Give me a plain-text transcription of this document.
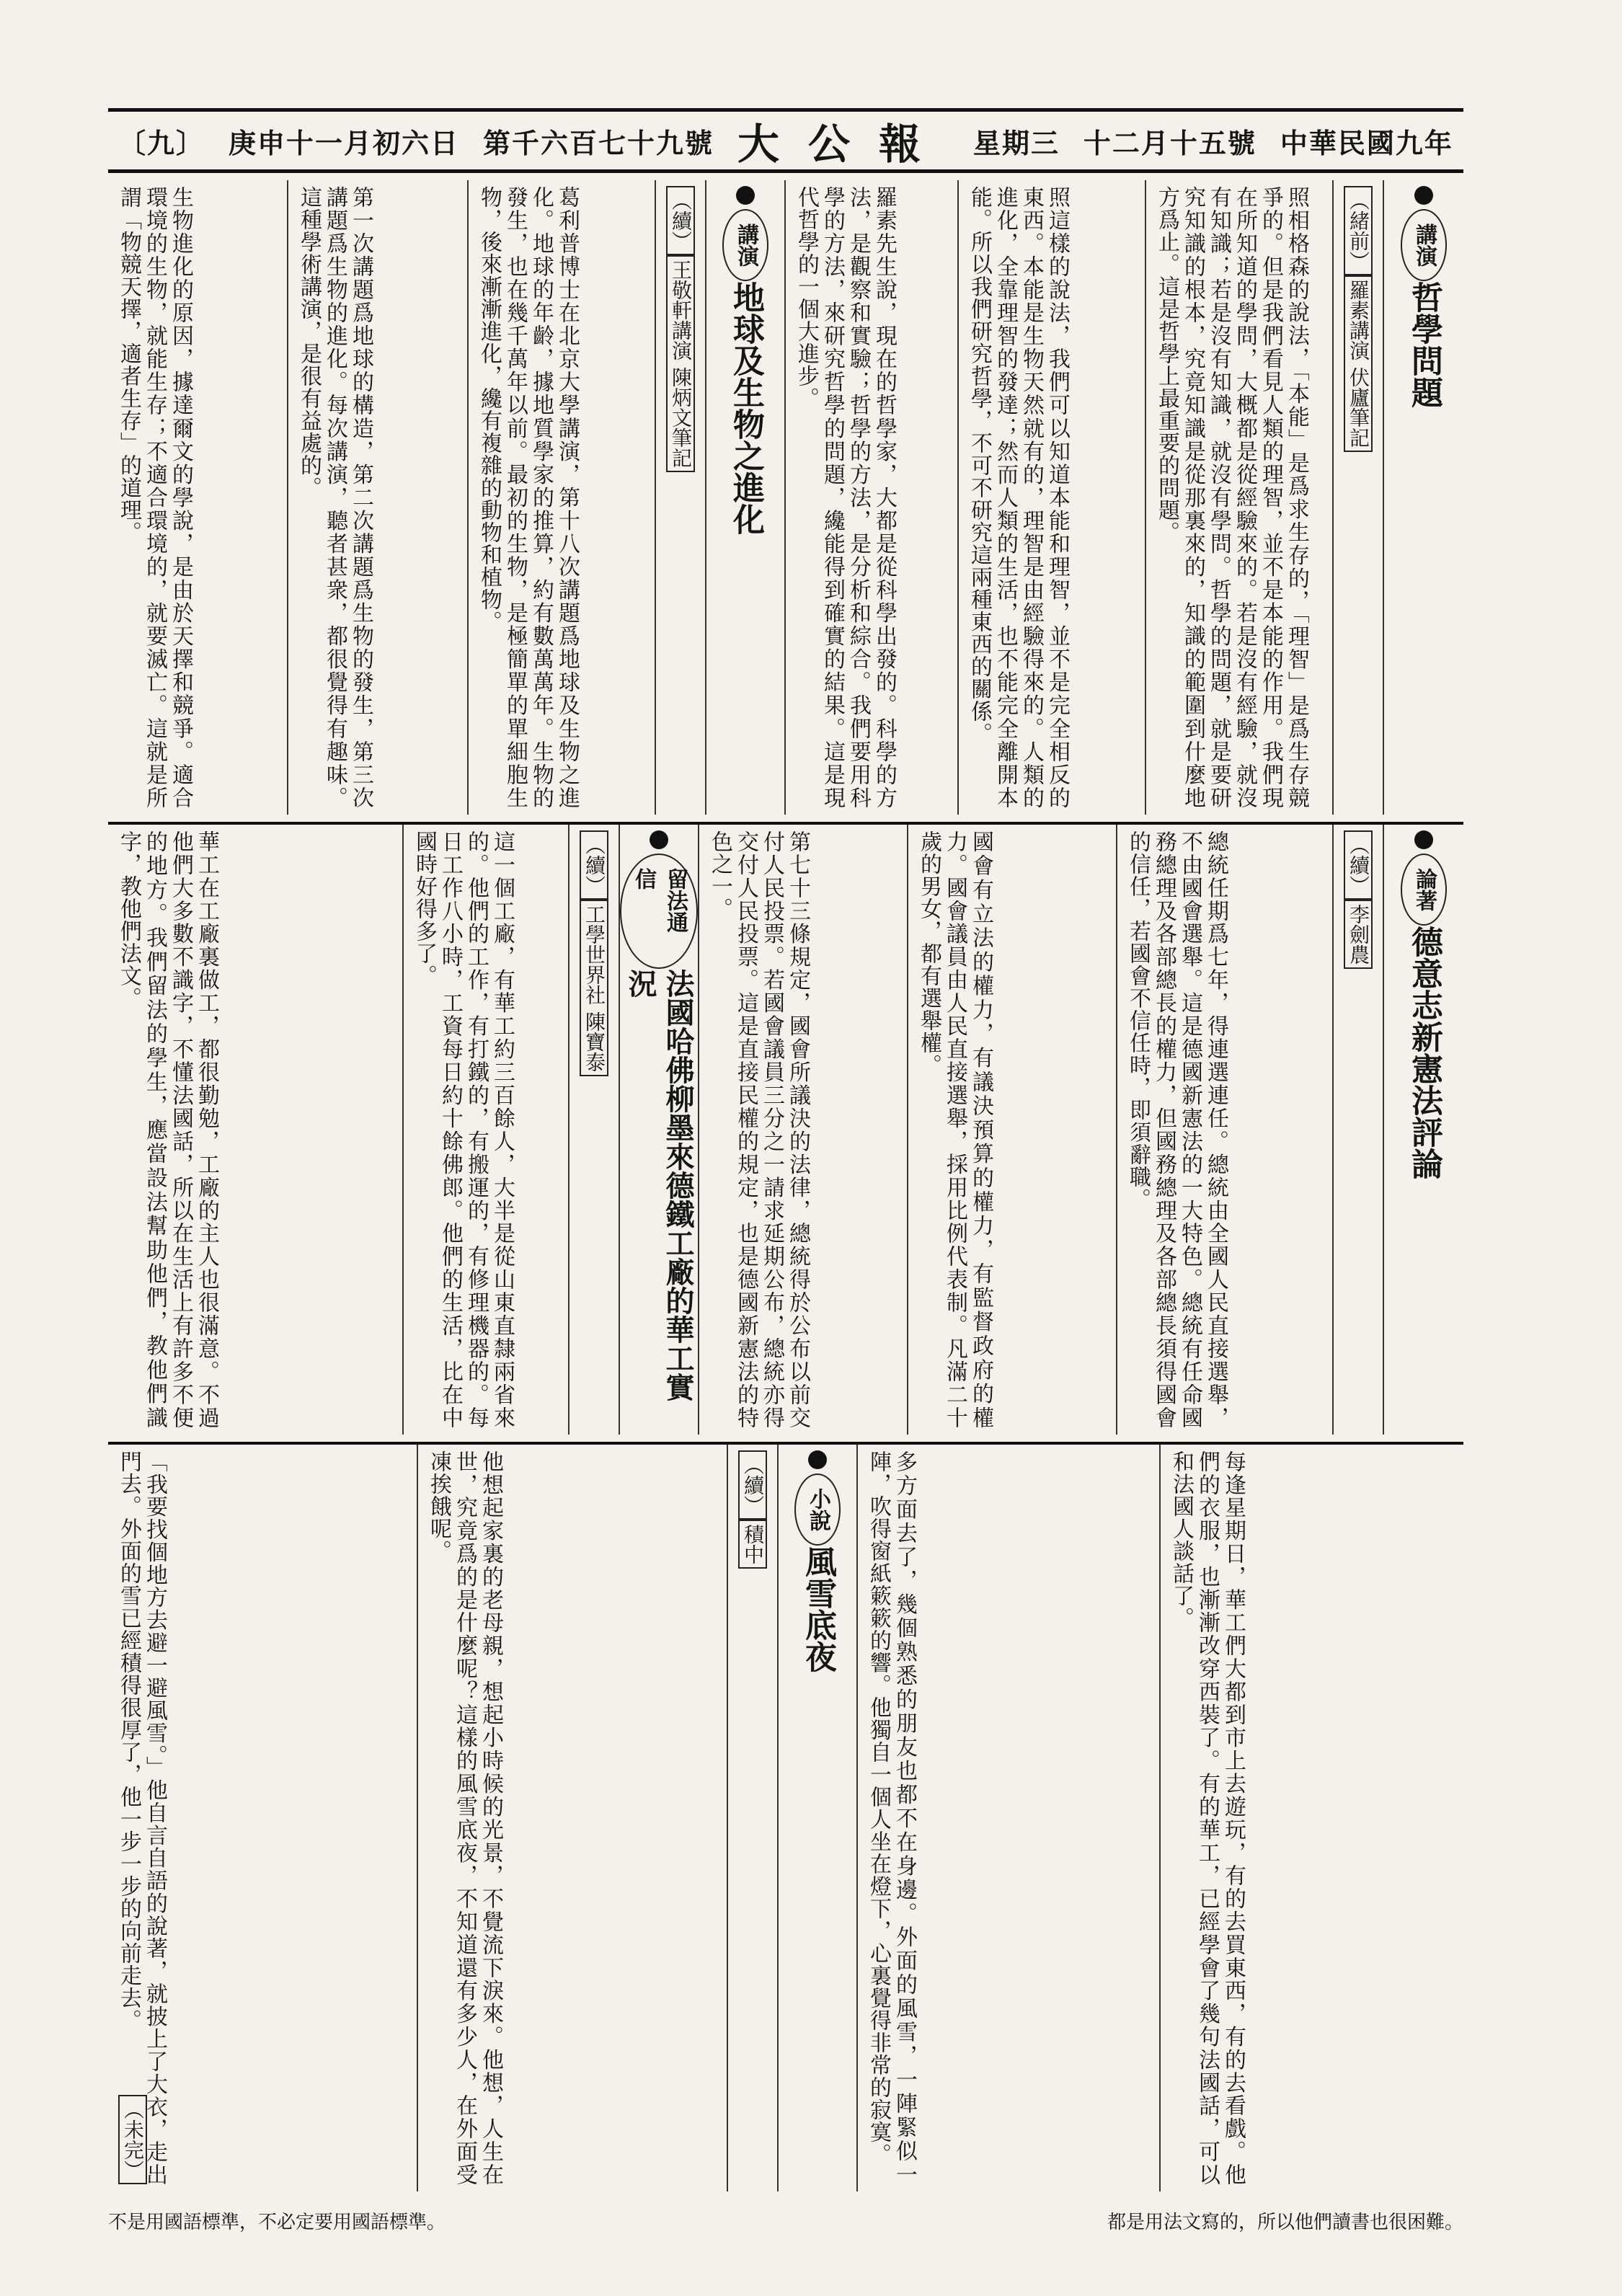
中華民國九年
十二月十五號
星期三
大公報
第千六百七十九號
庚申十一月初六日
〔九〕
講演
哲學問題
（緒前） 羅素講演 伏廬筆記
照相格森的說法，「本能」是爲求生存的，「理智」是爲生存競爭的。但是我們看見人類的理智，並不是本能的作用。我們現在所知道的學問，大概都是從經驗來的。若是沒有經驗，就沒有知識；若是沒有知識，就沒有學問。哲學的問題，就是要研究知識的根本，究竟知識是從那裏來的，知識的範圍到什麼地方爲止。這是哲學上最重要的問題。
照這樣的說法，我們可以知道本能和理智，並不是完全相反的東西。本能是生物天然就有的，理智是由經驗得來的。人類的進化，全靠理智的發達；然而人類的生活，也不能完全離開本能。所以我們研究哲學，不可不研究這兩種東西的關係。
羅素先生說，現在的哲學家，大都是從科學出發的。科學的方法，是觀察和實驗；哲學的方法，是分析和綜合。我們要用科學的方法，來研究哲學的問題，纔能得到確實的結果。這是現代哲學的一個大進步。
講演
地球及生物之進化
（續） 王敬軒講演 陳炳文筆記
葛利普博士在北京大學講演，第十八次講題爲地球及生物之進化。地球的年齡，據地質學家的推算，約有數萬萬年。生物的發生，也在幾千萬年以前。最初的生物，是極簡單的單細胞生物，後來漸漸進化，纔有複雜的動物和植物。
第一次講題爲地球的構造，第二次講題爲生物的發生，第三次講題爲生物的進化。每次講演，聽者甚衆，都很覺得有趣味。這種學術講演，是很有益處的。
生物進化的原因，據達爾文的學說，是由於天擇和競爭。適合環境的生物，就能生存；不適合環境的，就要滅亡。這就是所謂「物競天擇，適者生存」的道理。
論著
德意志新憲法評論
（續） 李劍農
總統任期爲七年，得連選連任。總統由全國人民直接選舉，不由國會選舉。這是德國新憲法的一大特色。總統有任命國務總理及各部總長的權力，但國務總理及各部總長須得國會的信任，若國會不信任時，即須辭職。
國會有立法的權力，有議決預算的權力，有監督政府的權力。國會議員由人民直接選舉，採用比例代表制。凡滿二十歲的男女，都有選舉權。
第七十三條規定，國會所議決的法律，總統得於公布以前交付人民投票。若國會議員三分之一請求延期公布，總統亦得交付人民投票。這是直接民權的規定，也是德國新憲法的特色之一。
留法通信
法國哈佛柳墨來德鐵工廠的華工實況
（續） 工學世界社 陳寶泰
這一個工廠，有華工約三百餘人，大半是從山東直隸兩省來的。他們的工作，有打鐵的，有搬運的，有修理機器的。每日工作八小時，工資每日約十餘佛郎。他們的生活，比在中國時好得多了。
華工在工廠裏做工，都很勤勉，工廠的主人也很滿意。不過他們大多數不識字，不懂法國話，所以在生活上有許多不便的地方。我們留法的學生，應當設法幫助他們，教他們識字，教他們法文。
每逢星期日，華工們大都到市上去遊玩，有的去買東西，有的去看戲。他們的衣服，也漸漸改穿西裝了。有的華工，已經學會了幾句法國話，可以和法國人談話了。
多方面去了，幾個熟悉的朋友也都不在身邊。外面的風雪，一陣緊似一陣，吹得窗紙簌簌的響。他獨自一個人坐在燈下，心裏覺得非常的寂寞。
小說
風雪底夜
（續） 積中
他想起家裏的老母親，想起小時候的光景，不覺流下淚來。他想，人生在世，究竟爲的是什麼呢？這樣的風雪底夜，不知道還有多少人，在外面受凍挨餓呢。
「我要找個地方去避一避風雪。」他自言自語的說著，就披上了大衣，走出門去。外面的雪已經積得很厚了，他一步一步的向前走去。
（未完）
都是用法文寫的，所以他們讀書也很困難。
不是用國語標準，不必定要用國語標準。
